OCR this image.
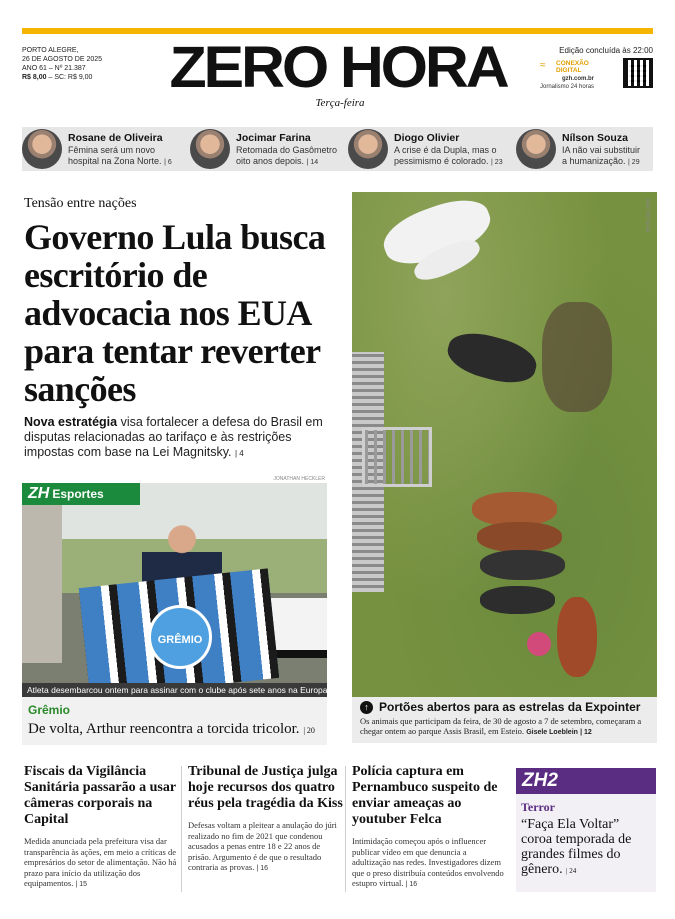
PORTO ALEGRE,
26 DE AGOSTO DE 2025
ANO 61 – Nº 21.387
R$ 8,00 – SC: R$ 9,00	ZERO HORA
Terça-feira
Edição concluída às 22:00
CONEXÃO DIGITAL
≈
gzh.com.br
Jornalismo 24 horas
Rosane de Oliveira
Fêmina será um novo
hospital na Zona Norte. | 6
Jocimar Farina
Retomada do Gasômetro
oito anos depois. | 14
Diogo Olivier
A crise é da Dupla, mas o
pessimismo é colorado. | 23
Nílson Souza
IA não vai substituir
a humanização. | 29
Tensão entre nações
Governo Lula busca escritório de advocacia nos EUA para tentar reverter sanções
Nova estratégia visa fortalecer a defesa do Brasil em disputas relacionadas ao tarifaço e às restrições impostas com base na Lei Magnitsky. | 4
JEFF BOTEGA
↑ Portões abertos para as estrelas da Expointer
Os animais que participam da feira, de 30 de agosto a 7 de setembro, começaram a chegar ontem ao parque Assis Brasil, em Esteio. Gisele Loeblein | 12
GRÊMIO
ZH Esportes
JONATHAN HECKLER
Atleta desembarcou ontem para assinar com o clube após sete anos na Europa
Grêmio
De volta, Arthur reencontra a torcida tricolor. | 20
Fiscais da Vigilância Sanitária passarão a usar câmeras corporais na Capital
Medida anunciada pela prefeitura visa dar transparência às ações, em meio a críticas de empresários do setor de alimentação. Não há prazo para início da utilização dos equipamentos. | 15
Tribunal de Justiça julga hoje recursos dos quatro réus pela tragédia da Kiss
Defesas voltam a pleitear a anulação do júri realizado no fim de 2021 que condenou acusados a penas entre 18 e 22 anos de prisão. Argumento é de que o resultado contraria as provas. | 16
Polícia captura em Pernambuco suspeito de enviar ameaças ao youtuber Felca
Intimidação começou após o influencer publicar vídeo em que denuncia a adultização nas redes. Investigadores dizem que o preso distribuía conteúdos envolvendo estupro virtual. | 16
ZH2
Terror
“Faça Ela Voltar” coroa temporada de grandes filmes do gênero. | 24
